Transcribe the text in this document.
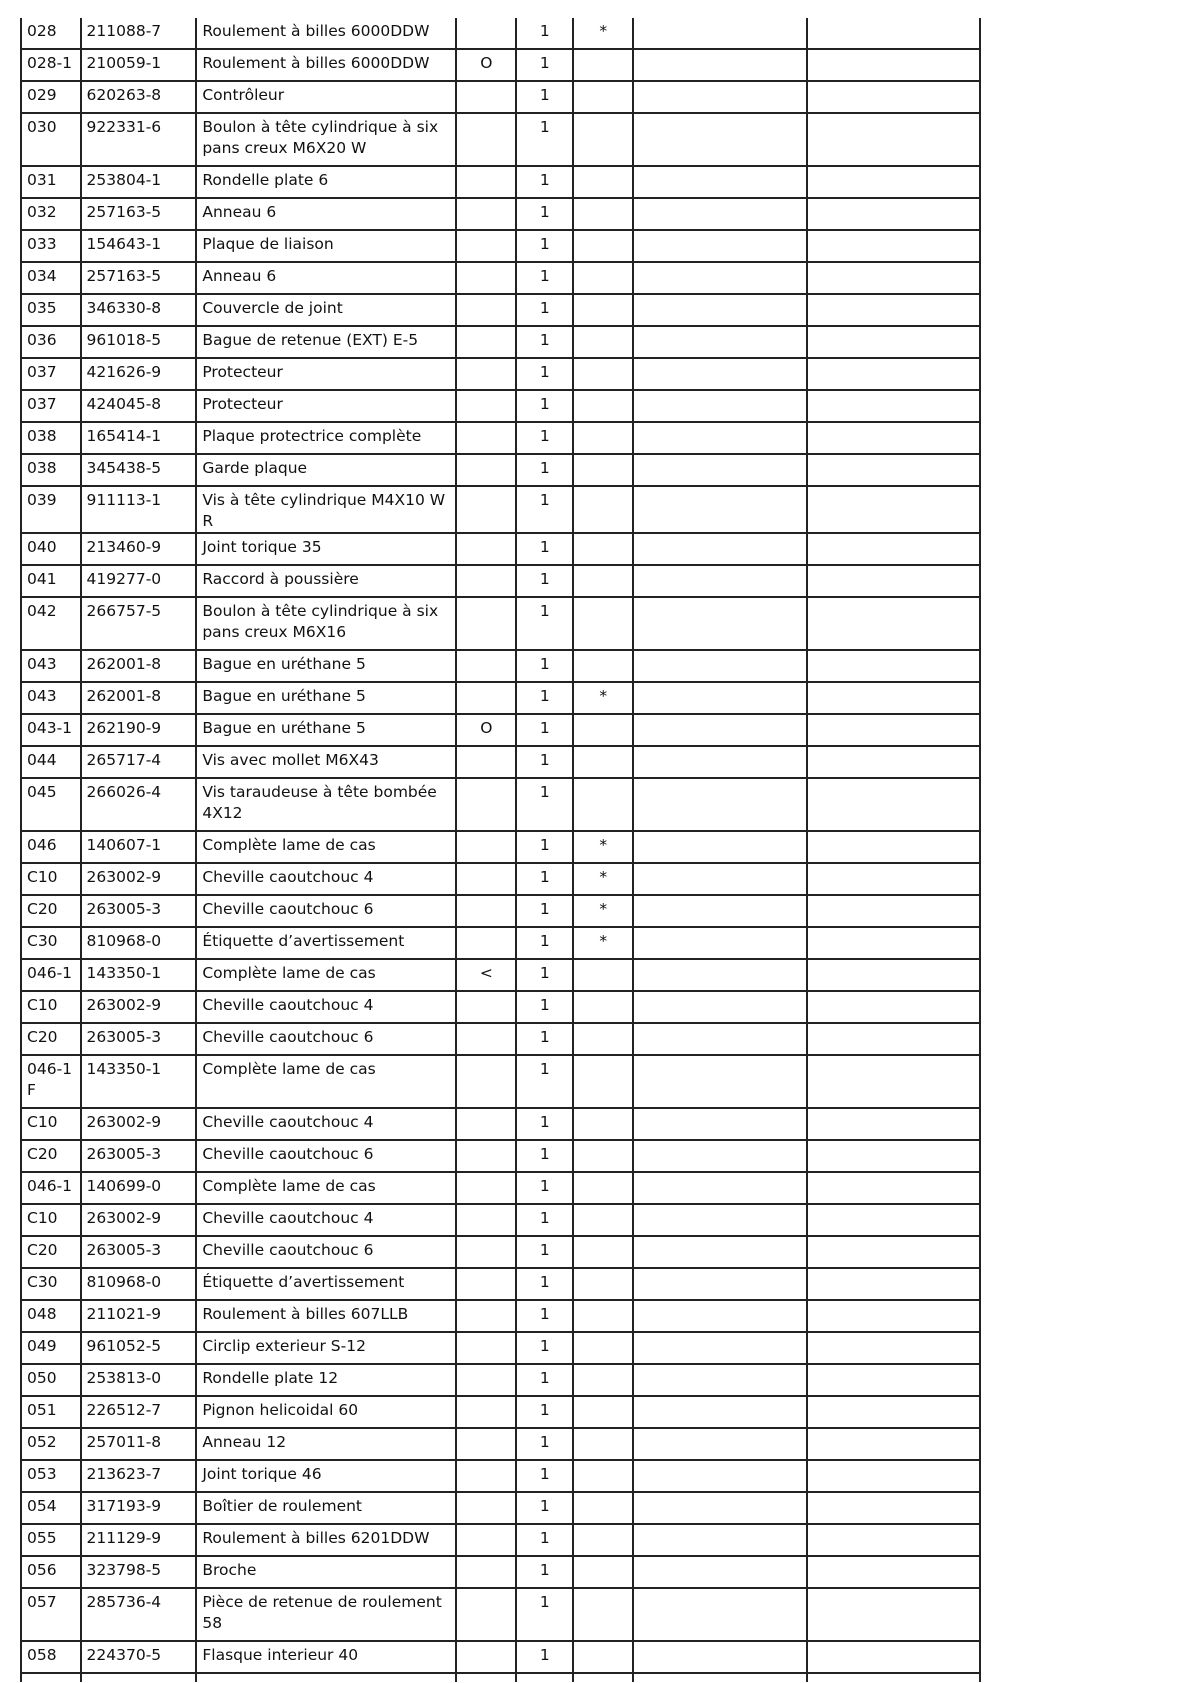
028	211088-7	Roulement à billes 6000DDW		1	*		
028-1	210059-1	Roulement à billes 6000DDW	O	1			
029	620263-8	Contrôleur		1			
030	922331-6	Boulon à tête cylindrique à six pans creux M6X20 W		1			
031	253804-1	Rondelle plate 6		1			
032	257163-5	Anneau 6		1			
033	154643-1	Plaque de liaison		1			
034	257163-5	Anneau 6		1			
035	346330-8	Couvercle de joint		1			
036	961018-5	Bague de retenue (EXT) E-5		1			
037	421626-9	Protecteur		1			
037	424045-8	Protecteur		1			
038	165414-1	Plaque protectrice complète		1			
038	345438-5	Garde plaque		1			
039	911113-1	Vis à tête cylindrique M4X10 WR		1			
040	213460-9	Joint torique 35		1			
041	419277-0	Raccord à poussière		1			
042	266757-5	Boulon à tête cylindrique à six pans creux M6X16		1			
043	262001-8	Bague en uréthane 5		1			
043	262001-8	Bague en uréthane 5		1	*		
043-1	262190-9	Bague en uréthane 5	O	1			
044	265717-4	Vis avec mollet M6X43		1			
045	266026-4	Vis taraudeuse à tête bombée 4X12		1			
046	140607-1	Complète lame de cas		1	*		
C10	263002-9	Cheville caoutchouc 4		1	*		
C20	263005-3	Cheville caoutchouc 6		1	*		
C30	810968-0	Étiquette d’avertissement		1	*		
046-1	143350-1	Complète lame de cas	<	1			
C10	263002-9	Cheville caoutchouc 4		1			
C20	263005-3	Cheville caoutchouc 6		1			
046-1F	143350-1	Complète lame de cas		1			
C10	263002-9	Cheville caoutchouc 4		1			
C20	263005-3	Cheville caoutchouc 6		1			
046-1	140699-0	Complète lame de cas		1			
C10	263002-9	Cheville caoutchouc 4		1			
C20	263005-3	Cheville caoutchouc 6		1			
C30	810968-0	Étiquette d’avertissement		1			
048	211021-9	Roulement à billes 607LLB		1			
049	961052-5	Circlip exterieur S-12		1			
050	253813-0	Rondelle plate 12		1			
051	226512-7	Pignon helicoidal 60		1			
052	257011-8	Anneau 12		1			
053	213623-7	Joint torique 46		1			
054	317193-9	Boîtier de roulement		1			
055	211129-9	Roulement à billes 6201DDW		1			
056	323798-5	Broche		1			
057	285736-4	Pièce de retenue de roulement 58		1			
058	224370-5	Flasque interieur 40		1			
